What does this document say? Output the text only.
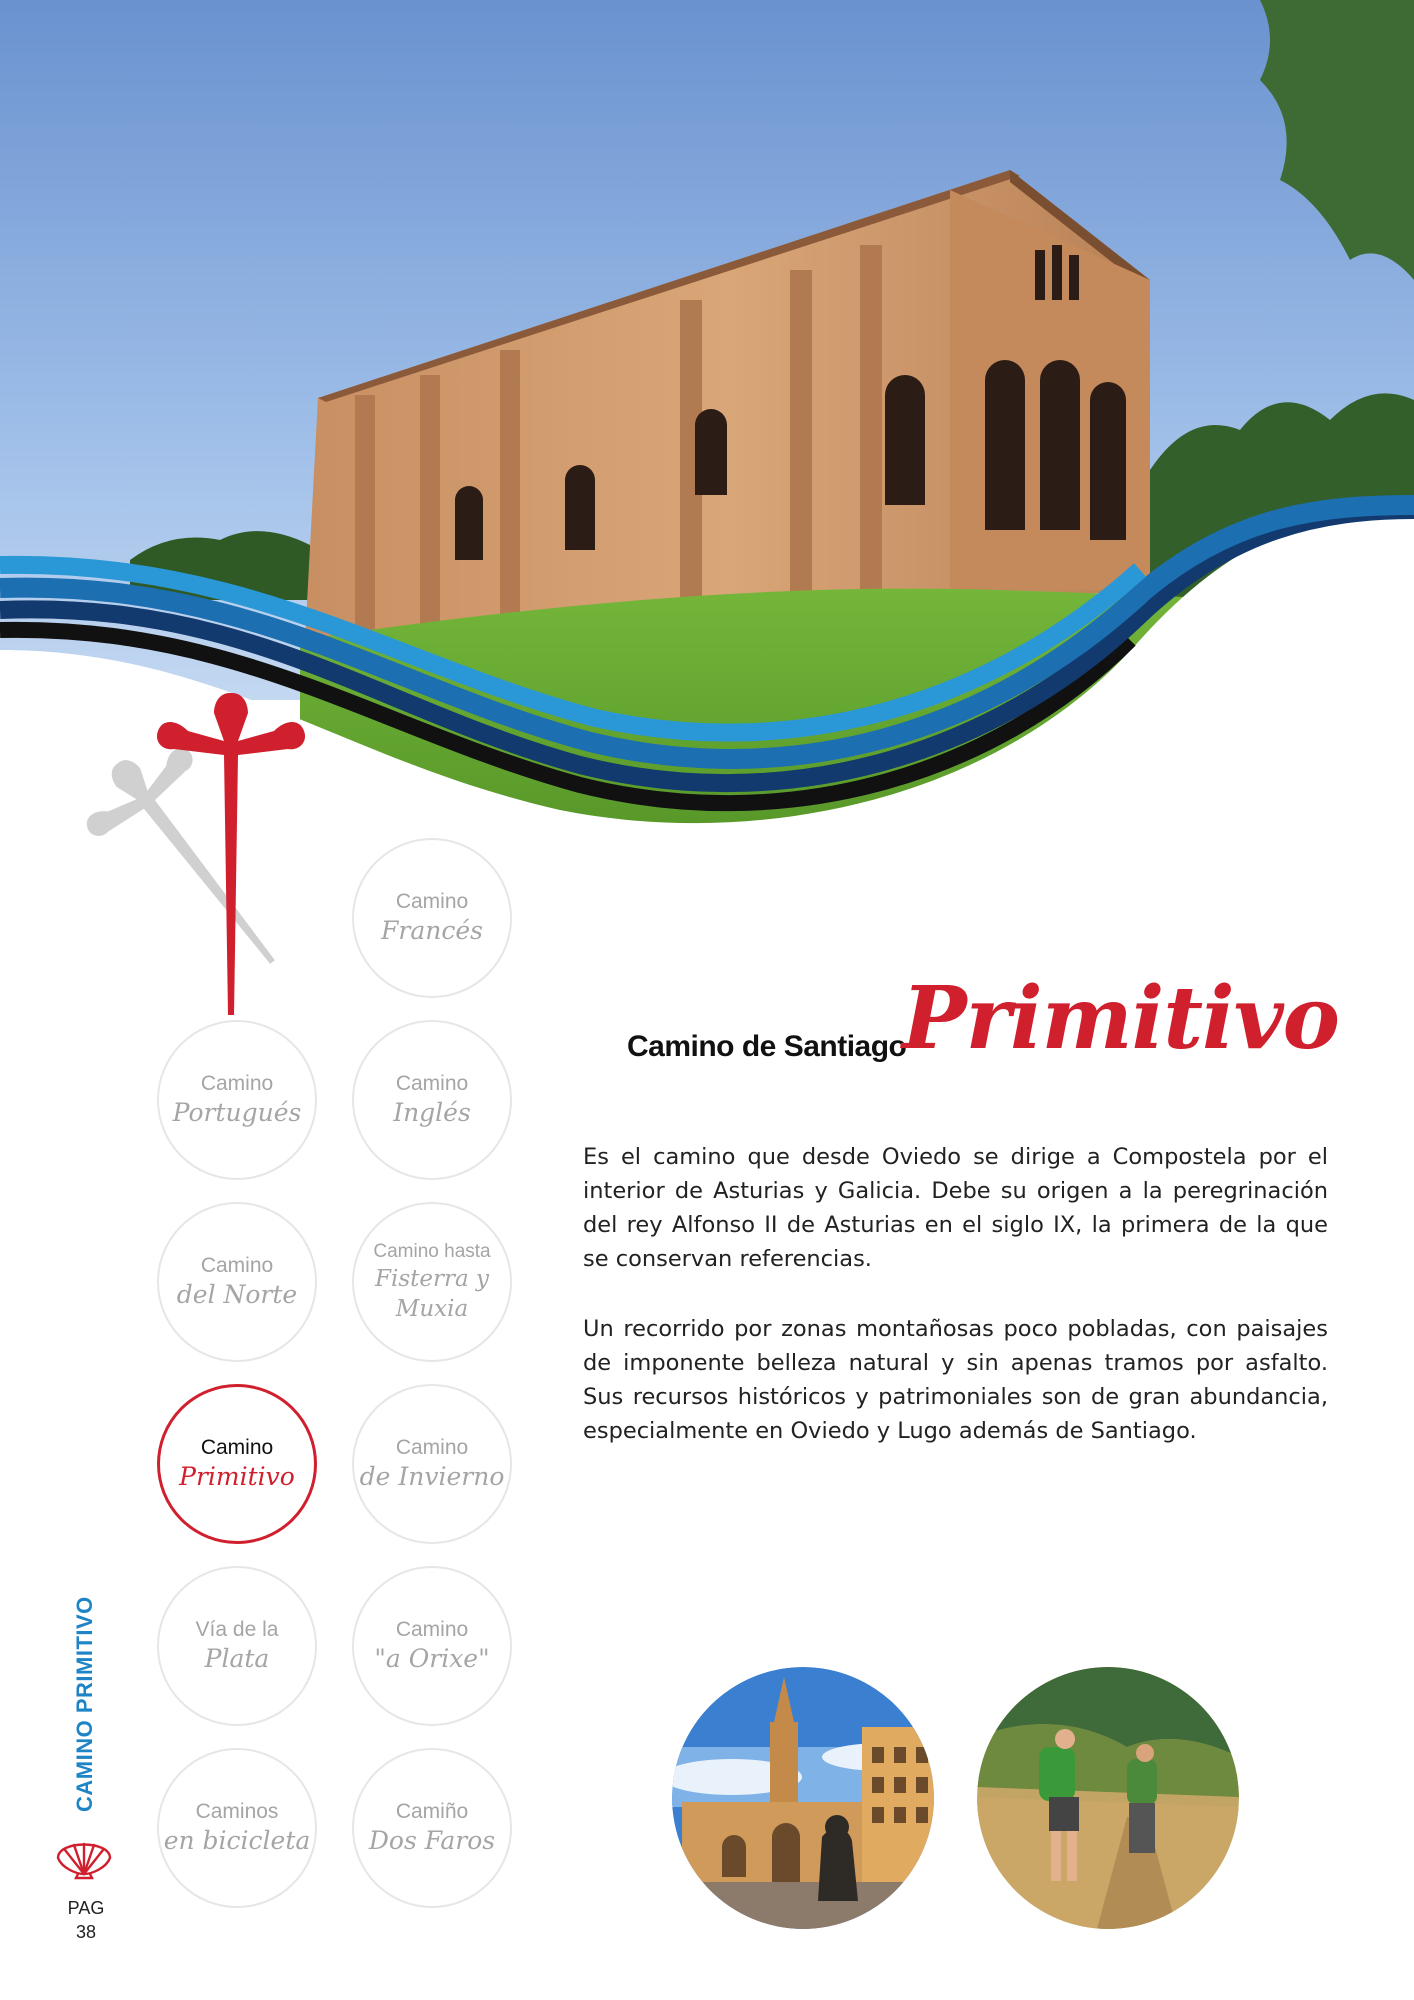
Camino
Francés
Camino
Portugués
Camino
Inglés
Camino
del Norte
Camino hasta
Fisterra y
Muxia
Camino
Primitivo
Camino
de Invierno
Vía de la
Plata
Camino
"a Orixe"
Caminos
en bicicleta
Camiño
Dos Faros
CAMINO PRIMITIVO
PAG
38
Camino de Santiago
Primitivo

Es el camino que desde Oviedo se dirige a Compostela por el interior de Asturias y Galicia. Debe su origen a la peregrinación del rey Alfonso II de Asturias en el siglo IX, la primera de la que se conservan referencias.

Un recorrido por zonas montañosas poco pobladas, con paisajes de imponente belleza natural y sin apenas tramos por asfalto. Sus recursos históricos y patrimoniales son de gran abundancia, especialmente en Oviedo y Lugo además de Santiago.
